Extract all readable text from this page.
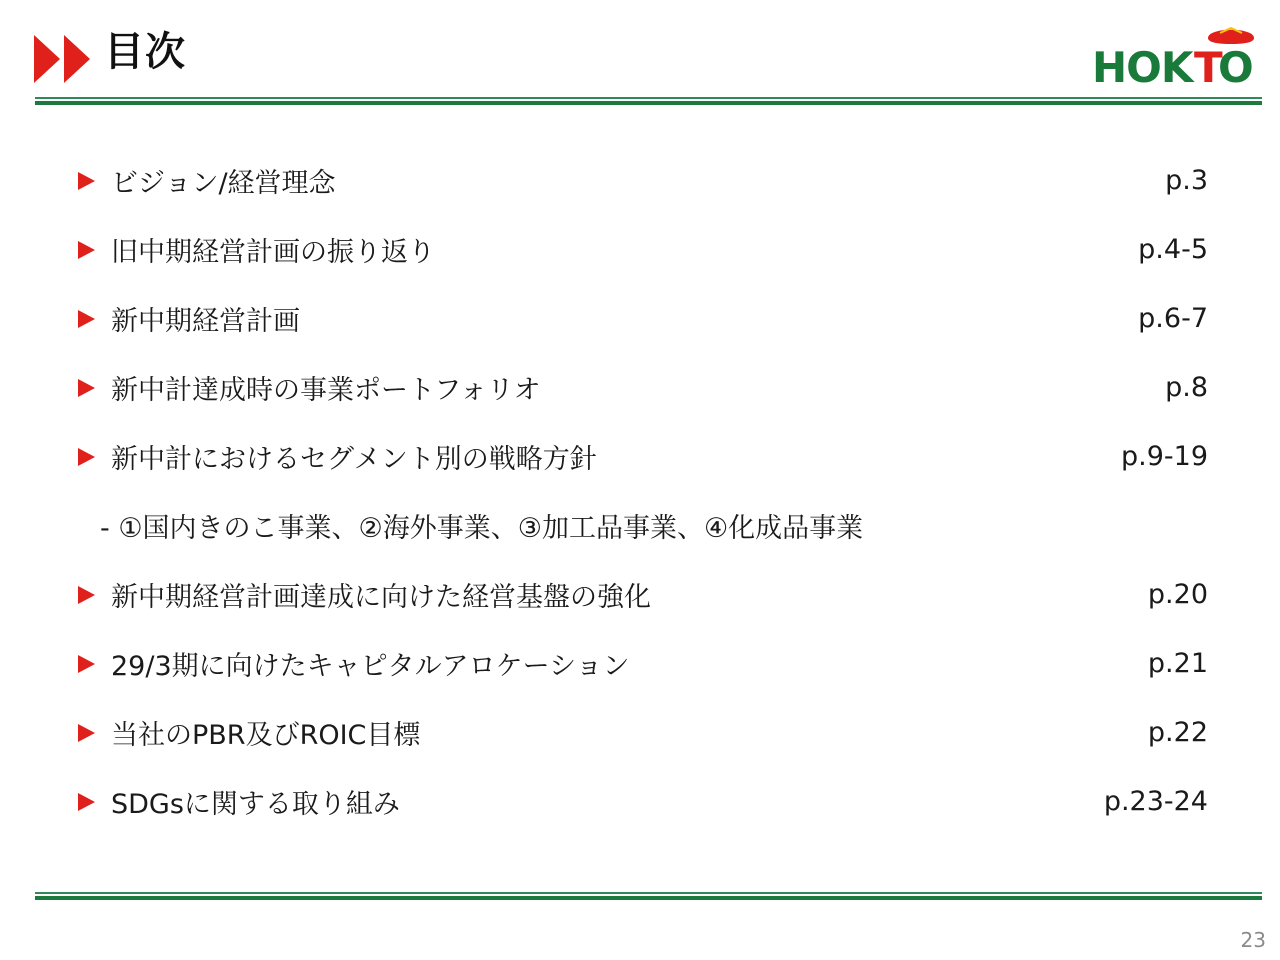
目次	HOK T
O
ビジョン/経営理念	p.3
旧中期経営計画の振り返り	p.4-5
新中期経営計画	p.6-7
新中計達成時の事業ポートフォリオ	p.8
新中計におけるセグメント別の戦略方針	p.9-19
- ①国内きのこ事業、②海外事業、③加工品事業、④化成品事業
新中期経営計画達成に向けた経営基盤の強化	p.20
29/3期に向けたキャピタルアロケーション	p.21
当社のPBR及びROIC目標	p.22
SDGsに関する取り組み	p.23-24
23
